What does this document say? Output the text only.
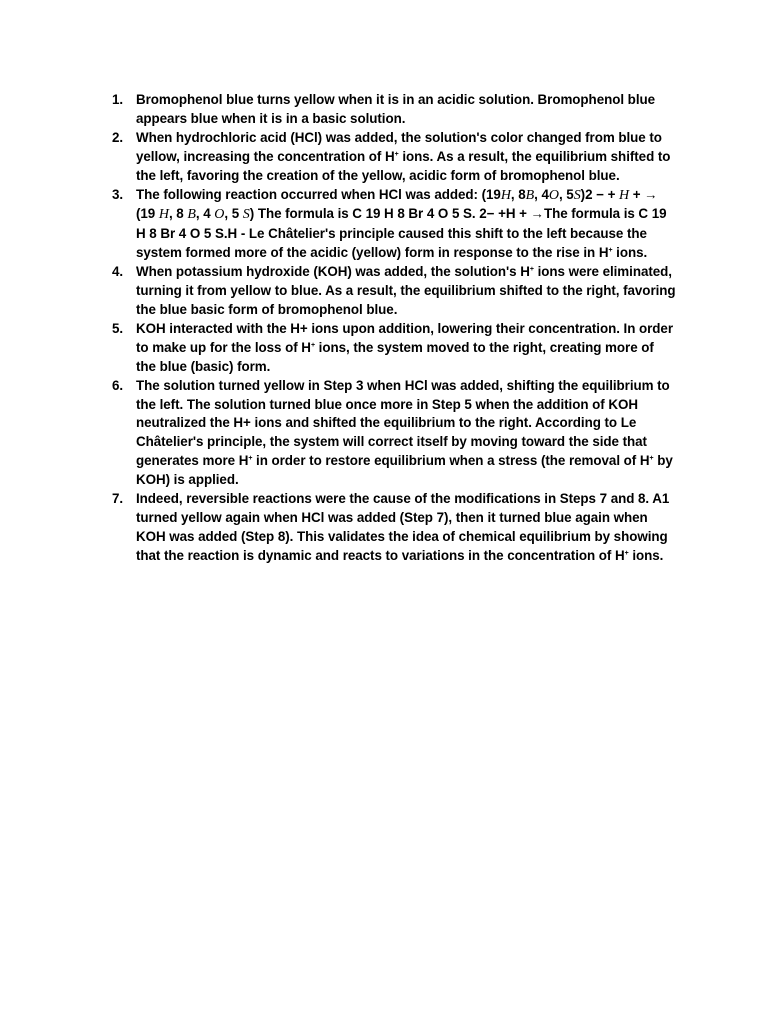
1. Bromophenol blue turns yellow when it is in an acidic solution. Bromophenol blue appears blue when it is in a basic solution.
2. When hydrochloric acid (HCl) was added, the solution's color changed from blue to yellow, increasing the concentration of H+ ions. As a result, the equilibrium shifted to the left, favoring the creation of the yellow, acidic form of bromophenol blue.
3. The following reaction occurred when HCl was added: (19H, 8B, 4O, 5S)2 − + H + → (19 H, 8 B, 4 O, 5 S) The formula is C 19 H 8 Br 4 O 5 S. 2− +H + →The formula is C 19 H 8 Br 4 O 5 S.H - Le Châtelier's principle caused this shift to the left because the system formed more of the acidic (yellow) form in response to the rise in H+ ions.
4. When potassium hydroxide (KOH) was added, the solution's H+ ions were eliminated, turning it from yellow to blue. As a result, the equilibrium shifted to the right, favoring the blue basic form of bromophenol blue.
5. KOH interacted with the H+ ions upon addition, lowering their concentration. In order to make up for the loss of H+ ions, the system moved to the right, creating more of the blue (basic) form.
6. The solution turned yellow in Step 3 when HCl was added, shifting the equilibrium to the left. The solution turned blue once more in Step 5 when the addition of KOH neutralized the H+ ions and shifted the equilibrium to the right. According to Le Châtelier's principle, the system will correct itself by moving toward the side that generates more H+ in order to restore equilibrium when a stress (the removal of H+ by KOH) is applied.
7. Indeed, reversible reactions were the cause of the modifications in Steps 7 and 8. A1 turned yellow again when HCl was added (Step 7), then it turned blue again when KOH was added (Step 8). This validates the idea of chemical equilibrium by showing that the reaction is dynamic and reacts to variations in the concentration of H+ ions.
